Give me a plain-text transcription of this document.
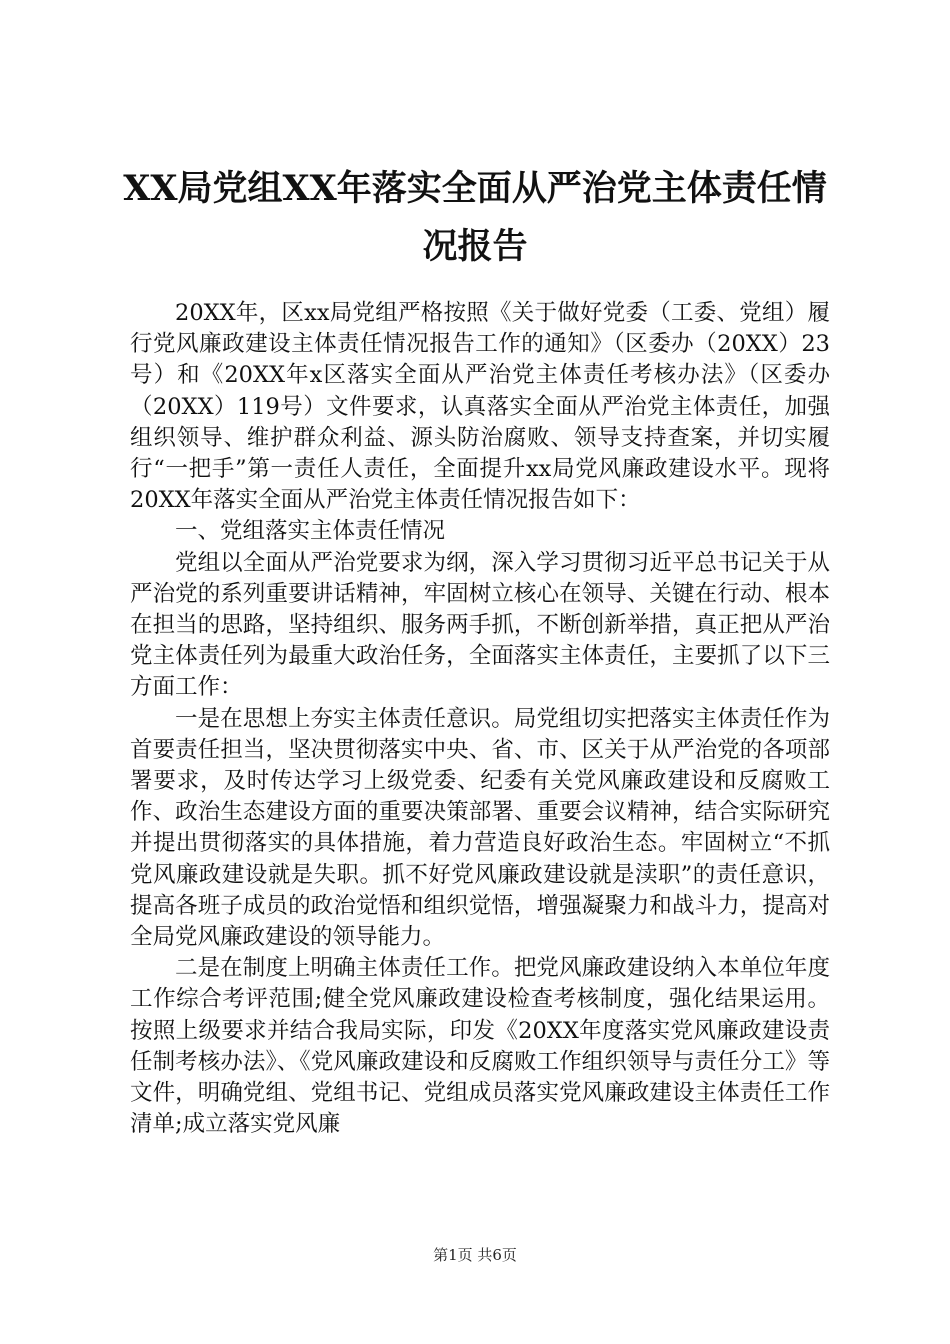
XX局党组XX年落实全面从严治党主体责任情
况报告

20XX年，区xx局党组严格按照《关于做好党委（工委、党组）履行党风廉政建设主体责任情况报告工作的通知》（区委办（20XX）23号）和《20XX年x区落实全面从严治党主体责任考核办法》（区委办（20XX）119号）文件要求，认真落实全面从严治党主体责任，加强组织领导、维护群众利益、源头防治腐败、领导支持查案，并切实履行“一把手”第一责任人责任，全面提升xx局党风廉政建设水平。现将20XX年落实全面从严治党主体责任情况报告如下：

一、党组落实主体责任情况

党组以全面从严治党要求为纲，深入学习贯彻习近平总书记关于从严治党的系列重要讲话精神，牢固树立核心在领导、关键在行动、根本在担当的思路，坚持组织、服务两手抓，不断创新举措，真正把从严治党主体责任列为最重大政治任务，全面落实主体责任，主要抓了以下三方面工作：

一是在思想上夯实主体责任意识。局党组切实把落实主体责任作为首要责任担当，坚决贯彻落实中央、省、市、区关于从严治党的各项部署要求，及时传达学习上级党委、纪委有关党风廉政建设和反腐败工作、政治生态建设方面的重要决策部署、重要会议精神，结合实际研究并提出贯彻落实的具体措施，着力营造良好政治生态。牢固树立“不抓党风廉政建设就是失职。抓不好党风廉政建设就是渎职”的责任意识，提高各班子成员的政治觉悟和组织觉悟，增强凝聚力和战斗力，提高对全局党风廉政建设的领导能力。

二是在制度上明确主体责任工作。把党风廉政建设纳入本单位年度工作综合考评范围;健全党风廉政建设检查考核制度，强化结果运用。按照上级要求并结合我局实际，印发《20XX年度落实党风廉政建设责任制考核办法》、《党风廉政建设和反腐败工作组织领导与责任分工》等文件，明确党组、党组书记、党组成员落实党风廉政建设主体责任工作清单;成立落实党风廉

第1页 共6页
